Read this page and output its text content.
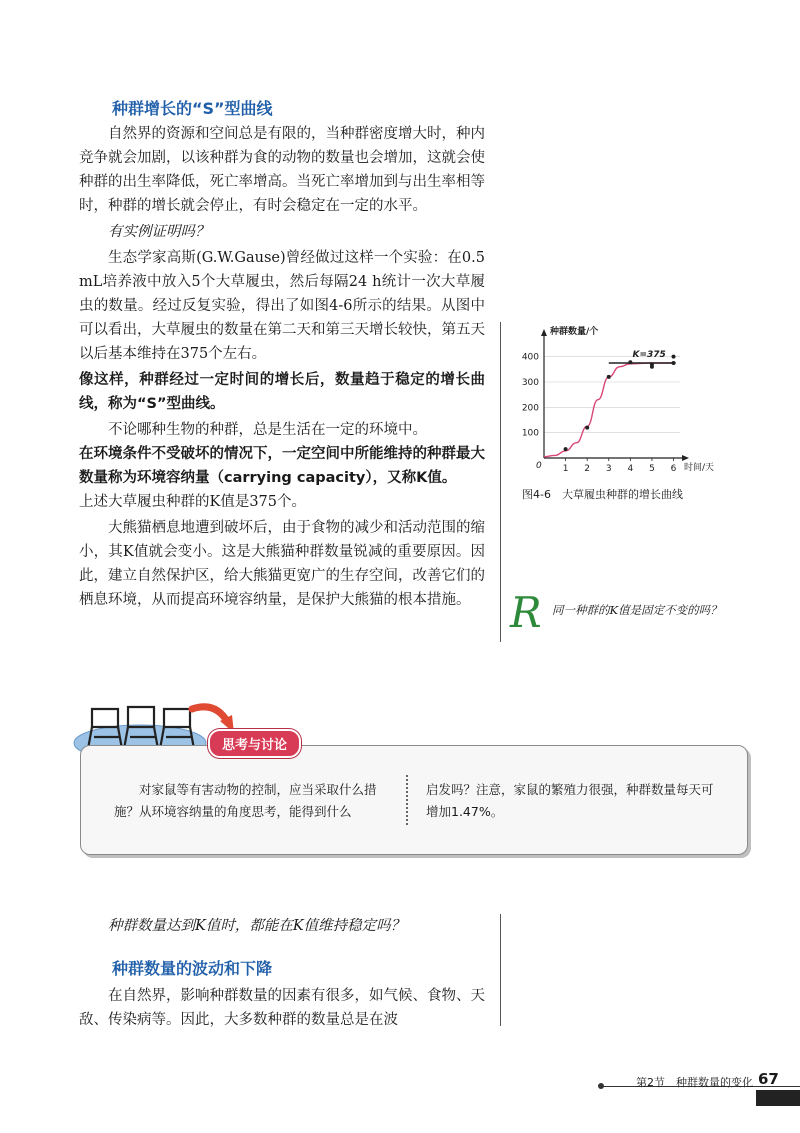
种群增长的“S”型曲线

自然界的资源和空间总是有限的，当种群密度增大时，种内竞争就会加剧，以该种群为食的动物的数量也会增加，这就会使种群的出生率降低，死亡率增高。当死亡率增加到与出生率相等时，种群的增长就会停止，有时会稳定在一定的水平。

有实例证明吗？

生态学家高斯(G.W.Gause)曾经做过这样一个实验：在0.5 mL培养液中放入5个大草履虫，然后每隔24 h统计一次大草履虫的数量。经过反复实验，得出了如图4-6所示的结果。从图中可以看出，大草履虫的数量在第二天和第三天增长较快，第五天以后基本维持在375个左右。

像这样，种群经过一定时间的增长后，数量趋于稳定的增长曲线，称为“S”型曲线。

不论哪种生物的种群，总是生活在一定的环境中。

在环境条件不受破坏的情况下，一定空间中所能维持的种群最大数量称为环境容纳量（carrying capacity），又称K值。

上述大草履虫种群的K值是375个。

大熊猫栖息地遭到破坏后，由于食物的减少和活动范围的缩小，其K值就会变小。这是大熊猫种群数量锐减的重要原因。因此，建立自然保护区，给大熊猫更宽广的生存空间，改善它们的栖息环境，从而提高环境容纳量，是保护大熊猫的根本措施。

100
200
300
400
1 2 3 4 5 6
种群数量/个
时间/天
0
K=375
图4-6　大草履虫种群的增长曲线
R 同一种群的K值是固定不变的吗？
思考与讨论
对家鼠等有害动物的控制，应当采取什么措施？从环境容纳量的角度思考，能得到什么
启发吗？注意，家鼠的繁殖力很强，种群数量每天可增加1.47%。
种群数量达到K值时，都能在K值维持稳定吗？
种群数量的波动和下降

在自然界，影响种群数量的因素有很多，如气候、食物、天敌、传染病等。因此，大多数种群的数量总是在波

第2节　种群数量的变化 67
